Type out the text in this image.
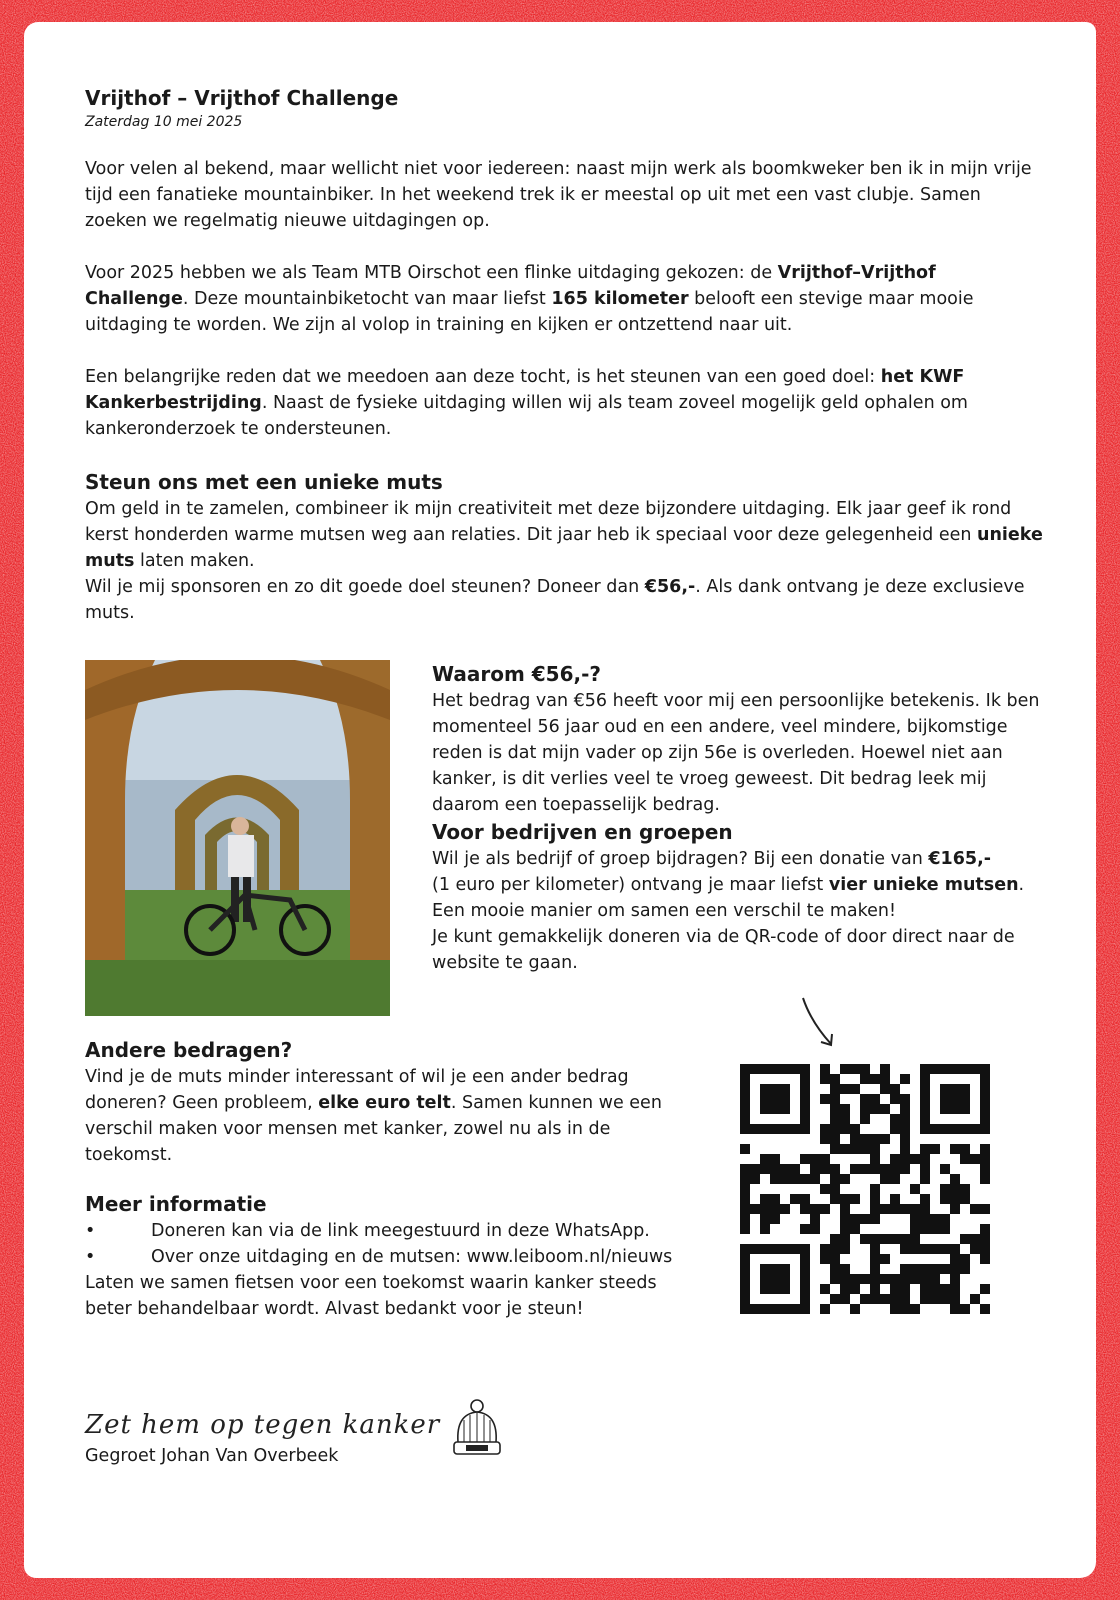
Vrijthof – Vrijthof Challenge
Zaterdag 10 mei 2025

Voor velen al bekend, maar wellicht niet voor iedereen: naast mijn werk als boomkweker ben ik in mijn vrije tijd een fanatieke mountainbiker. In het weekend trek ik er meestal op uit met een vast clubje. Samen zoeken we regelmatig nieuwe uitdagingen op.

Voor 2025 hebben we als Team MTB Oirschot een flinke uitdaging gekozen: de Vrijthof–Vrijthof Challenge. Deze mountainbiketocht van maar liefst 165 kilometer belooft een stevige maar mooie uitdaging te worden. We zijn al volop in training en kijken er ontzettend naar uit.

Een belangrijke reden dat we meedoen aan deze tocht, is het steunen van een goed doel: het KWF Kankerbestrijding. Naast de fysieke uitdaging willen wij als team zoveel mogelijk geld ophalen om kankeronderzoek te ondersteunen.

Steun ons met een unieke muts

Om geld in te zamelen, combineer ik mijn creativiteit met deze bijzondere uitdaging. Elk jaar geef ik rond kerst honderden warme mutsen weg aan relaties. Dit jaar heb ik speciaal voor deze gelegenheid een unieke muts laten maken.

Wil je mij sponsoren en zo dit goede doel steunen? Doneer dan €56,-. Als dank ontvang je deze exclusieve muts.

Waarom €56,-?

Het bedrag van €56 heeft voor mij een persoonlijke betekenis. Ik ben momenteel 56 jaar oud en een andere, veel mindere, bijkomstige reden is dat mijn vader op zijn 56e is overleden. Hoewel niet aan kanker, is dit verlies veel te vroeg geweest. Dit bedrag leek mij daarom een toepasselijk bedrag.

Voor bedrijven en groepen

Wil je als bedrijf of groep bijdragen? Bij een donatie van €165,-

(1 euro per kilometer) ontvang je maar liefst vier unieke mutsen.

Een mooie manier om samen een verschil te maken!

Je kunt gemakkelijk doneren via de QR-code of door direct naar de website te gaan.

Andere bedragen?

Vind je de muts minder interessant of wil je een ander bedrag doneren? Geen probleem, elke euro telt. Samen kunnen we een verschil maken voor mensen met kanker, zowel nu als in de toekomst.

Meer informatie
•	Doneren kan via de link meegestuurd in deze WhatsApp.
•	Over onze uitdaging en de mutsen: www.leiboom.nl/nieuws

Laten we samen fietsen voor een toekomst waarin kanker steeds beter behandelbaar wordt. Alvast bedankt voor je steun!

Zet hem op tegen kanker
Gegroet Johan Van Overbeek
